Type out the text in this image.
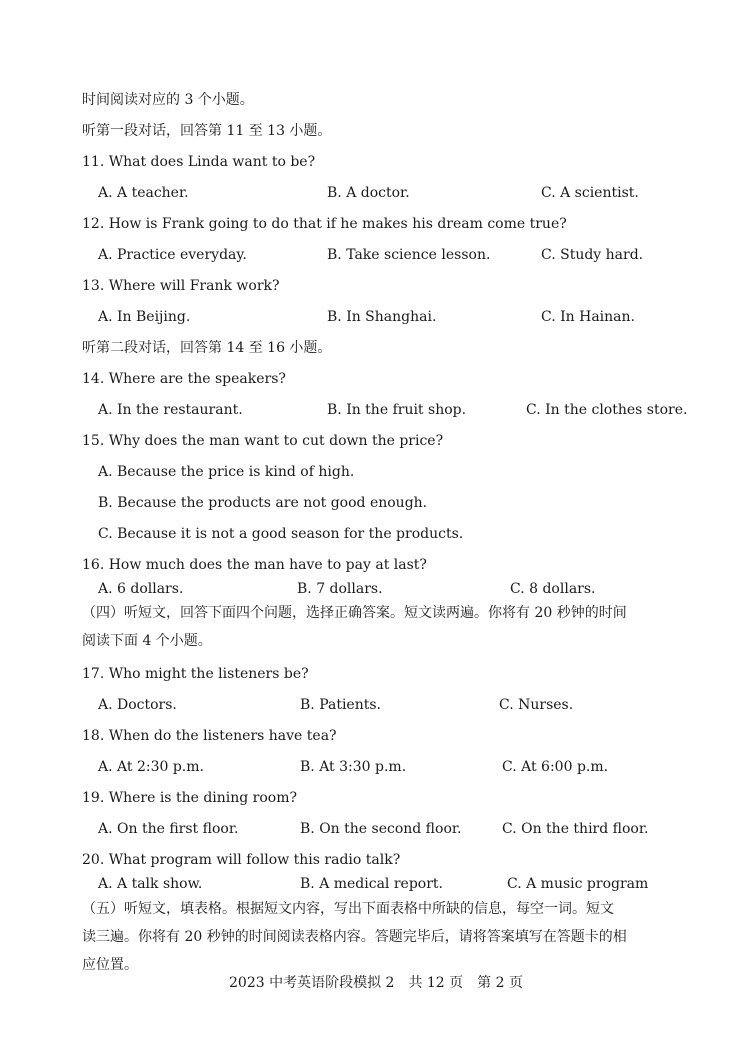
时间阅读对应的 3 个小题。
听第一段对话，回答第 11 至 13 小题。
11. What does Linda want to be?
A. A teacher.	B. A doctor.	C. A scientist.
12. How is Frank going to do that if he makes his dream come true?
A. Practice everyday.	B. Take science lesson.	C. Study hard.
13. Where will Frank work?
A. In Beijing.	B. In Shanghai.	C. In Hainan.
听第二段对话，回答第 14 至 16 小题。
14. Where are the speakers?
A. In the restaurant.	B. In the fruit shop.	C. In the clothes store.
15. Why does the man want to cut down the price?
A. Because the price is kind of high.
B. Because the products are not good enough.
C. Because it is not a good season for the products.
16. How much does the man have to pay at last?
A. 6 dollars.	B. 7 dollars.	C. 8 dollars.
（四）听短文，回答下面四个问题，选择正确答案。短文读两遍。你将有 20 秒钟的时间
阅读下面 4 个小题。
17. Who might the listeners be?
A. Doctors.	B. Patients.	C. Nurses.
18. When do the listeners have tea?
A. At 2:30 p.m.	B. At 3:30 p.m.	C. At 6:00 p.m.
19. Where is the dining room?
A. On the first floor.	B. On the second floor.	C. On the third floor.
20. What program will follow this radio talk?
A. A talk show.	B. A medical report.	C. A music program
（五）听短文，填表格。根据短文内容，写出下面表格中所缺的信息，每空一词。短文
读三遍。你将有 20 秒钟的时间阅读表格内容。答题完毕后，请将答案填写在答题卡的相
应位置。
2023 中考英语阶段模拟 2　共 12 页　第 2 页
